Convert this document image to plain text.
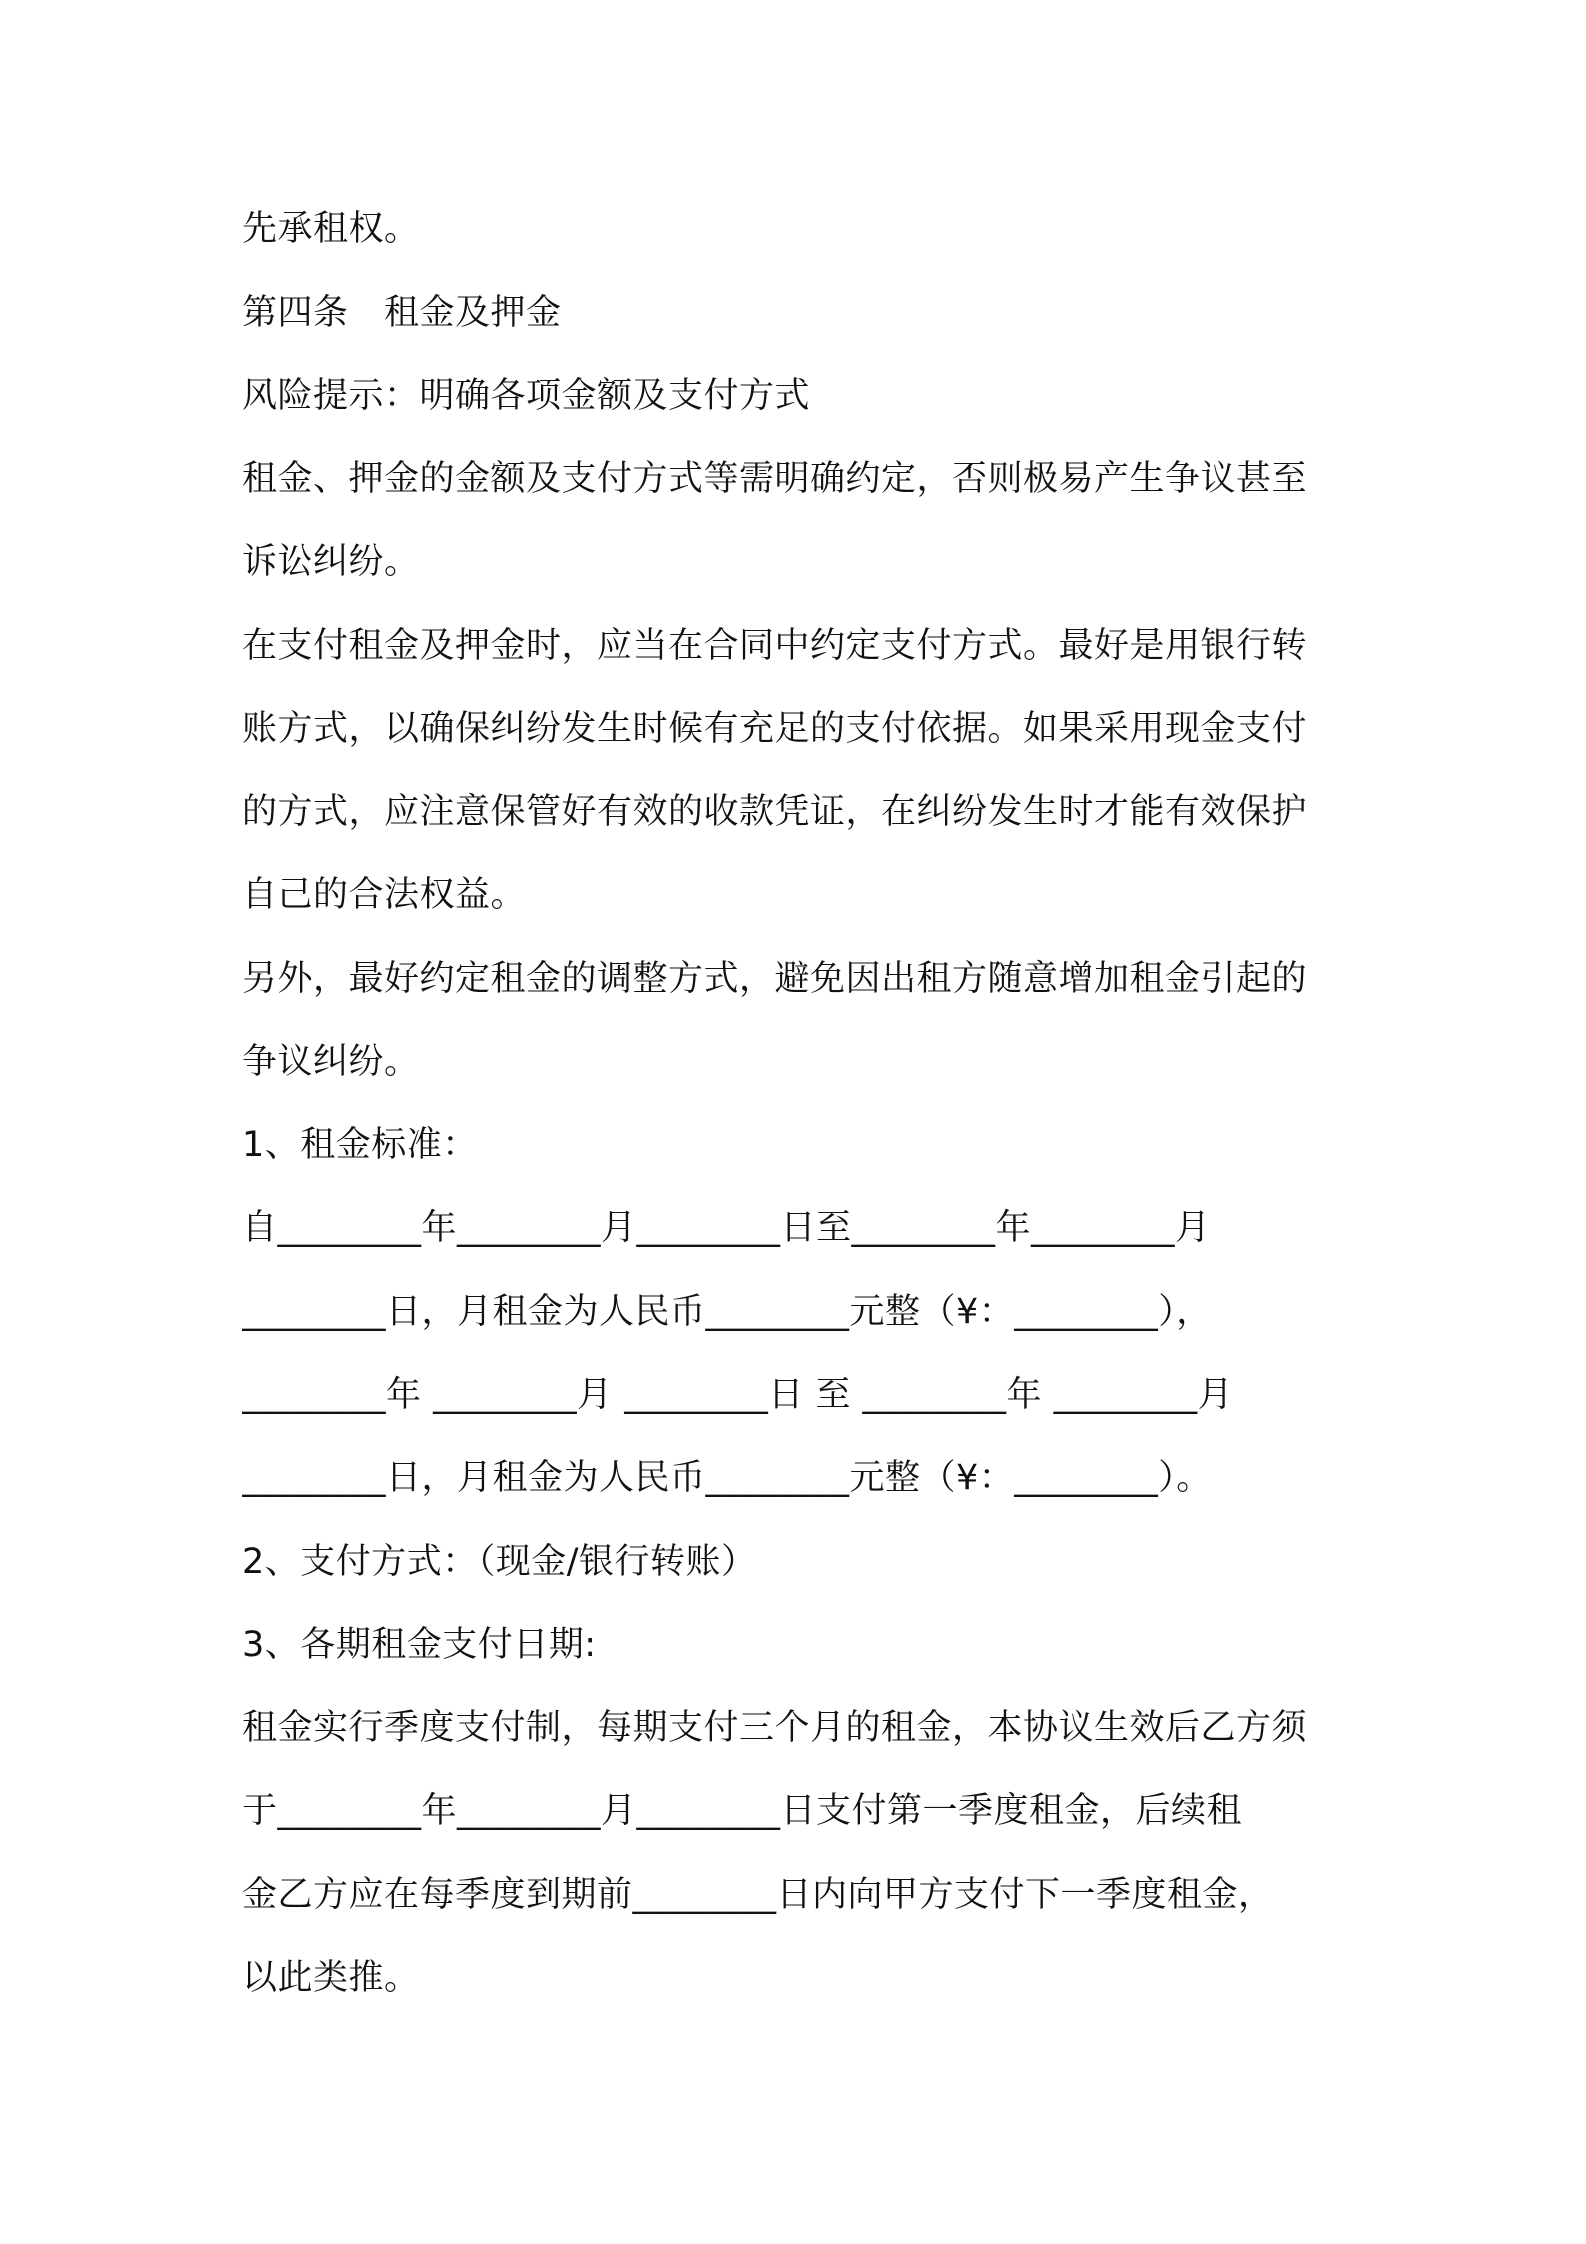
先承租权。
第四条　租金及押金
风险提示：明确各项金额及支付方式
租金、押金的金额及支付方式等需明确约定，否则极易产生争议甚至
诉讼纠纷。
在支付租金及押金时，应当在合同中约定支付方式。最好是用银行转
账方式，以确保纠纷发生时候有充足的支付依据。如果采用现金支付
的方式，应注意保管好有效的收款凭证，在纠纷发生时才能有效保护
自己的合法权益。
另外，最好约定租金的调整方式，避免因出租方随意增加租金引起的
争议纠纷。
1、租金标准：
自________年________月________日至________年________月
________日，月租金为人民币________元整（¥：________），
________年 ________月 ________日 至 ________年 ________月
________日，月租金为人民币________元整（¥：________）。
2、支付方式：（现金/银行转账）
3、各期租金支付日期:
租金实行季度支付制，每期支付三个月的租金，本协议生效后乙方须
于________年________月________日支付第一季度租金，后续租
金乙方应在每季度到期前________日内向甲方支付下一季度租金，
以此类推。
